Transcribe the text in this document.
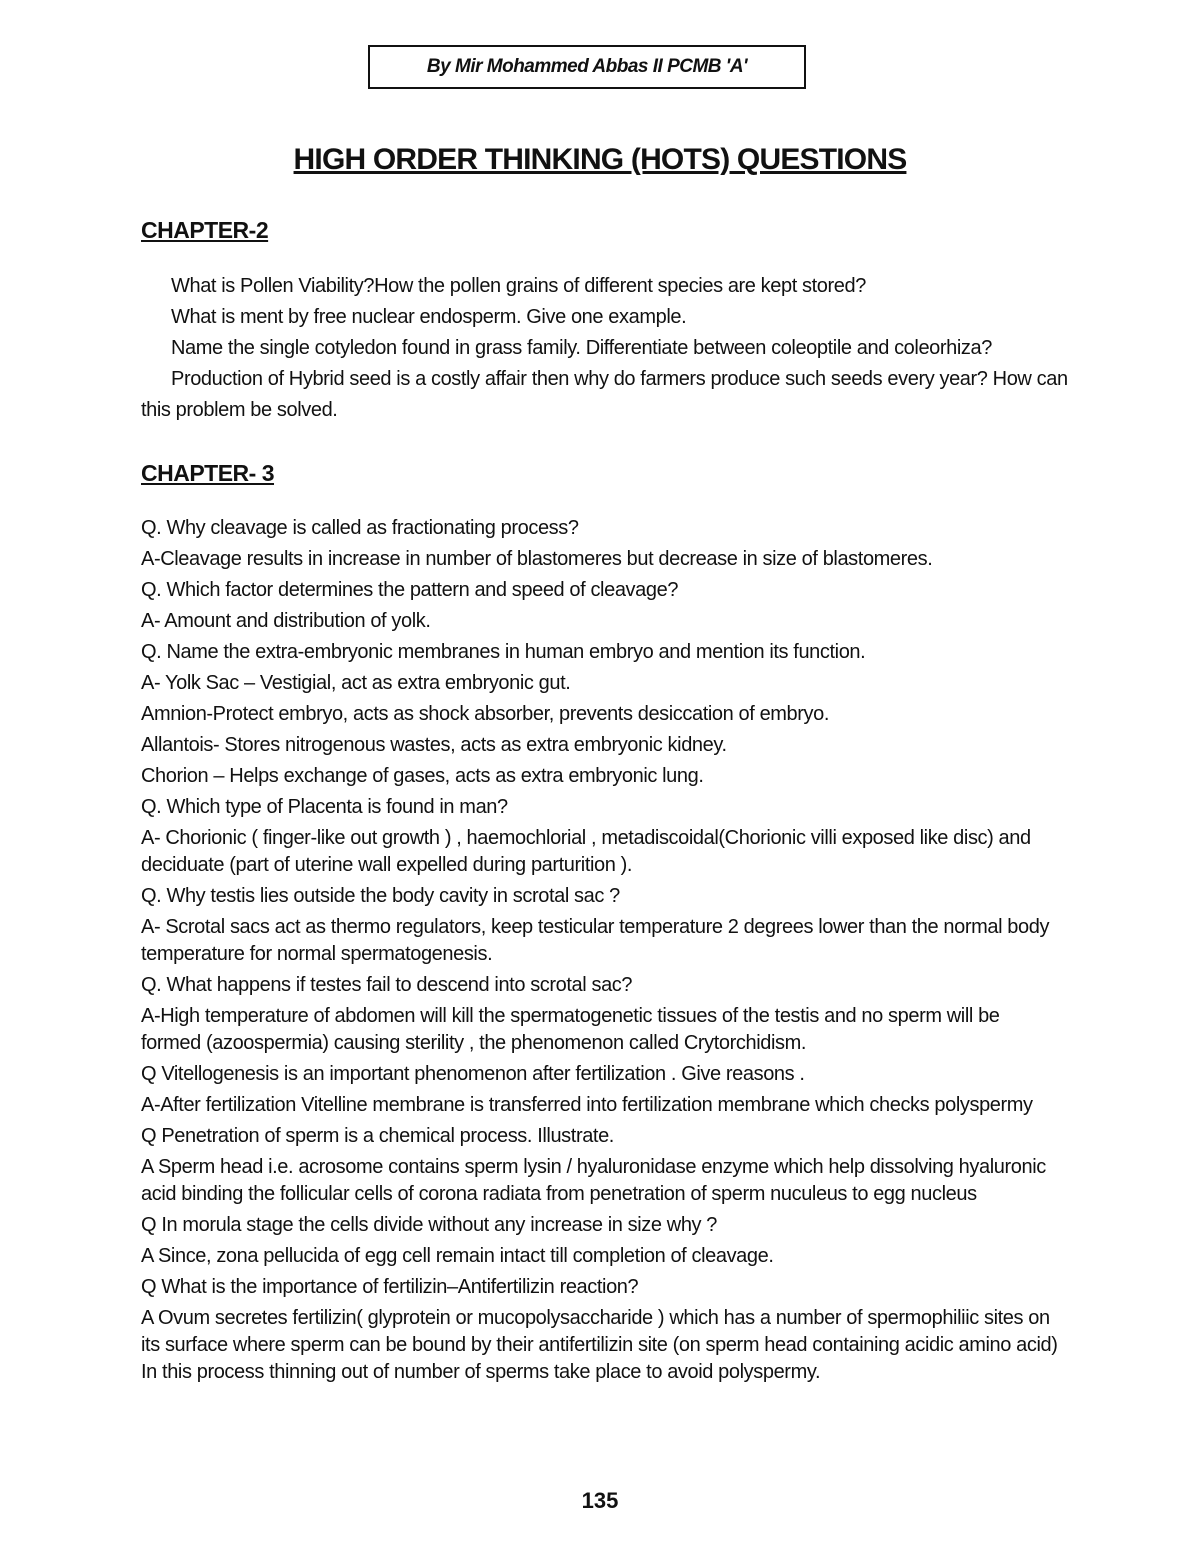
By Mir Mohammed Abbas II PCMB 'A'
HIGH ORDER THINKING (HOTS) QUESTIONS
CHAPTER-2
What is Pollen Viability?How the pollen grains of different species are kept stored?
What is ment by free nuclear endosperm. Give one example.
Name the single cotyledon found in grass family. Differentiate between coleoptile and coleorhiza?
Production of Hybrid seed is a costly affair then why do farmers produce such seeds every year? How can this problem be solved.
CHAPTER- 3

Q. Why cleavage is called as fractionating process?

A-Cleavage results in increase in number of blastomeres but decrease in size of blastomeres.

Q. Which factor determines the pattern and speed of cleavage?

A- Amount and distribution of yolk.

Q. Name the extra-embryonic membranes in human embryo and mention its function.

A- Yolk Sac – Vestigial, act as extra embryonic gut.

Amnion-Protect embryo, acts as shock absorber, prevents desiccation of embryo.

Allantois- Stores nitrogenous wastes, acts as extra embryonic kidney.

Chorion – Helps exchange of gases, acts as extra embryonic lung.

Q. Which type of Placenta is found in man?

A- Chorionic ( finger-like out growth ) , haemochlorial , metadiscoidal(Chorionic villi exposed like disc) and deciduate (part of uterine wall expelled during parturition ).

Q. Why testis lies outside the body cavity in scrotal sac ?

A- Scrotal sacs act as thermo regulators, keep testicular temperature 2 degrees lower than the normal body temperature for normal spermatogenesis.

Q. What happens if testes fail to descend into scrotal sac?

A-High temperature of abdomen will kill the spermatogenetic tissues of the testis and no sperm will be formed (azoospermia) causing sterility , the phenomenon called Crytorchidism.

Q Vitellogenesis is an important phenomenon after fertilization . Give reasons .

A-After fertilization Vitelline membrane is transferred into fertilization membrane which checks polyspermy

Q Penetration of sperm is a chemical process. Illustrate.

A Sperm head i.e. acrosome contains sperm lysin / hyaluronidase enzyme which help dissolving hyaluronic acid binding the follicular cells of corona radiata from penetration of sperm nuculeus to egg nucleus

Q In morula stage the cells divide without any increase in size why ?

A Since, zona pellucida of egg cell remain intact till completion of cleavage.

Q What is the importance of fertilizin–Antifertilizin reaction?

A Ovum secretes fertilizin( glyprotein or mucopolysaccharide ) which has a number of spermophiliic sites on its surface where sperm can be bound by their antifertilizin site (on sperm head containing acidic amino acid) In this process thinning out of number of sperms take place to avoid polyspermy.

135
